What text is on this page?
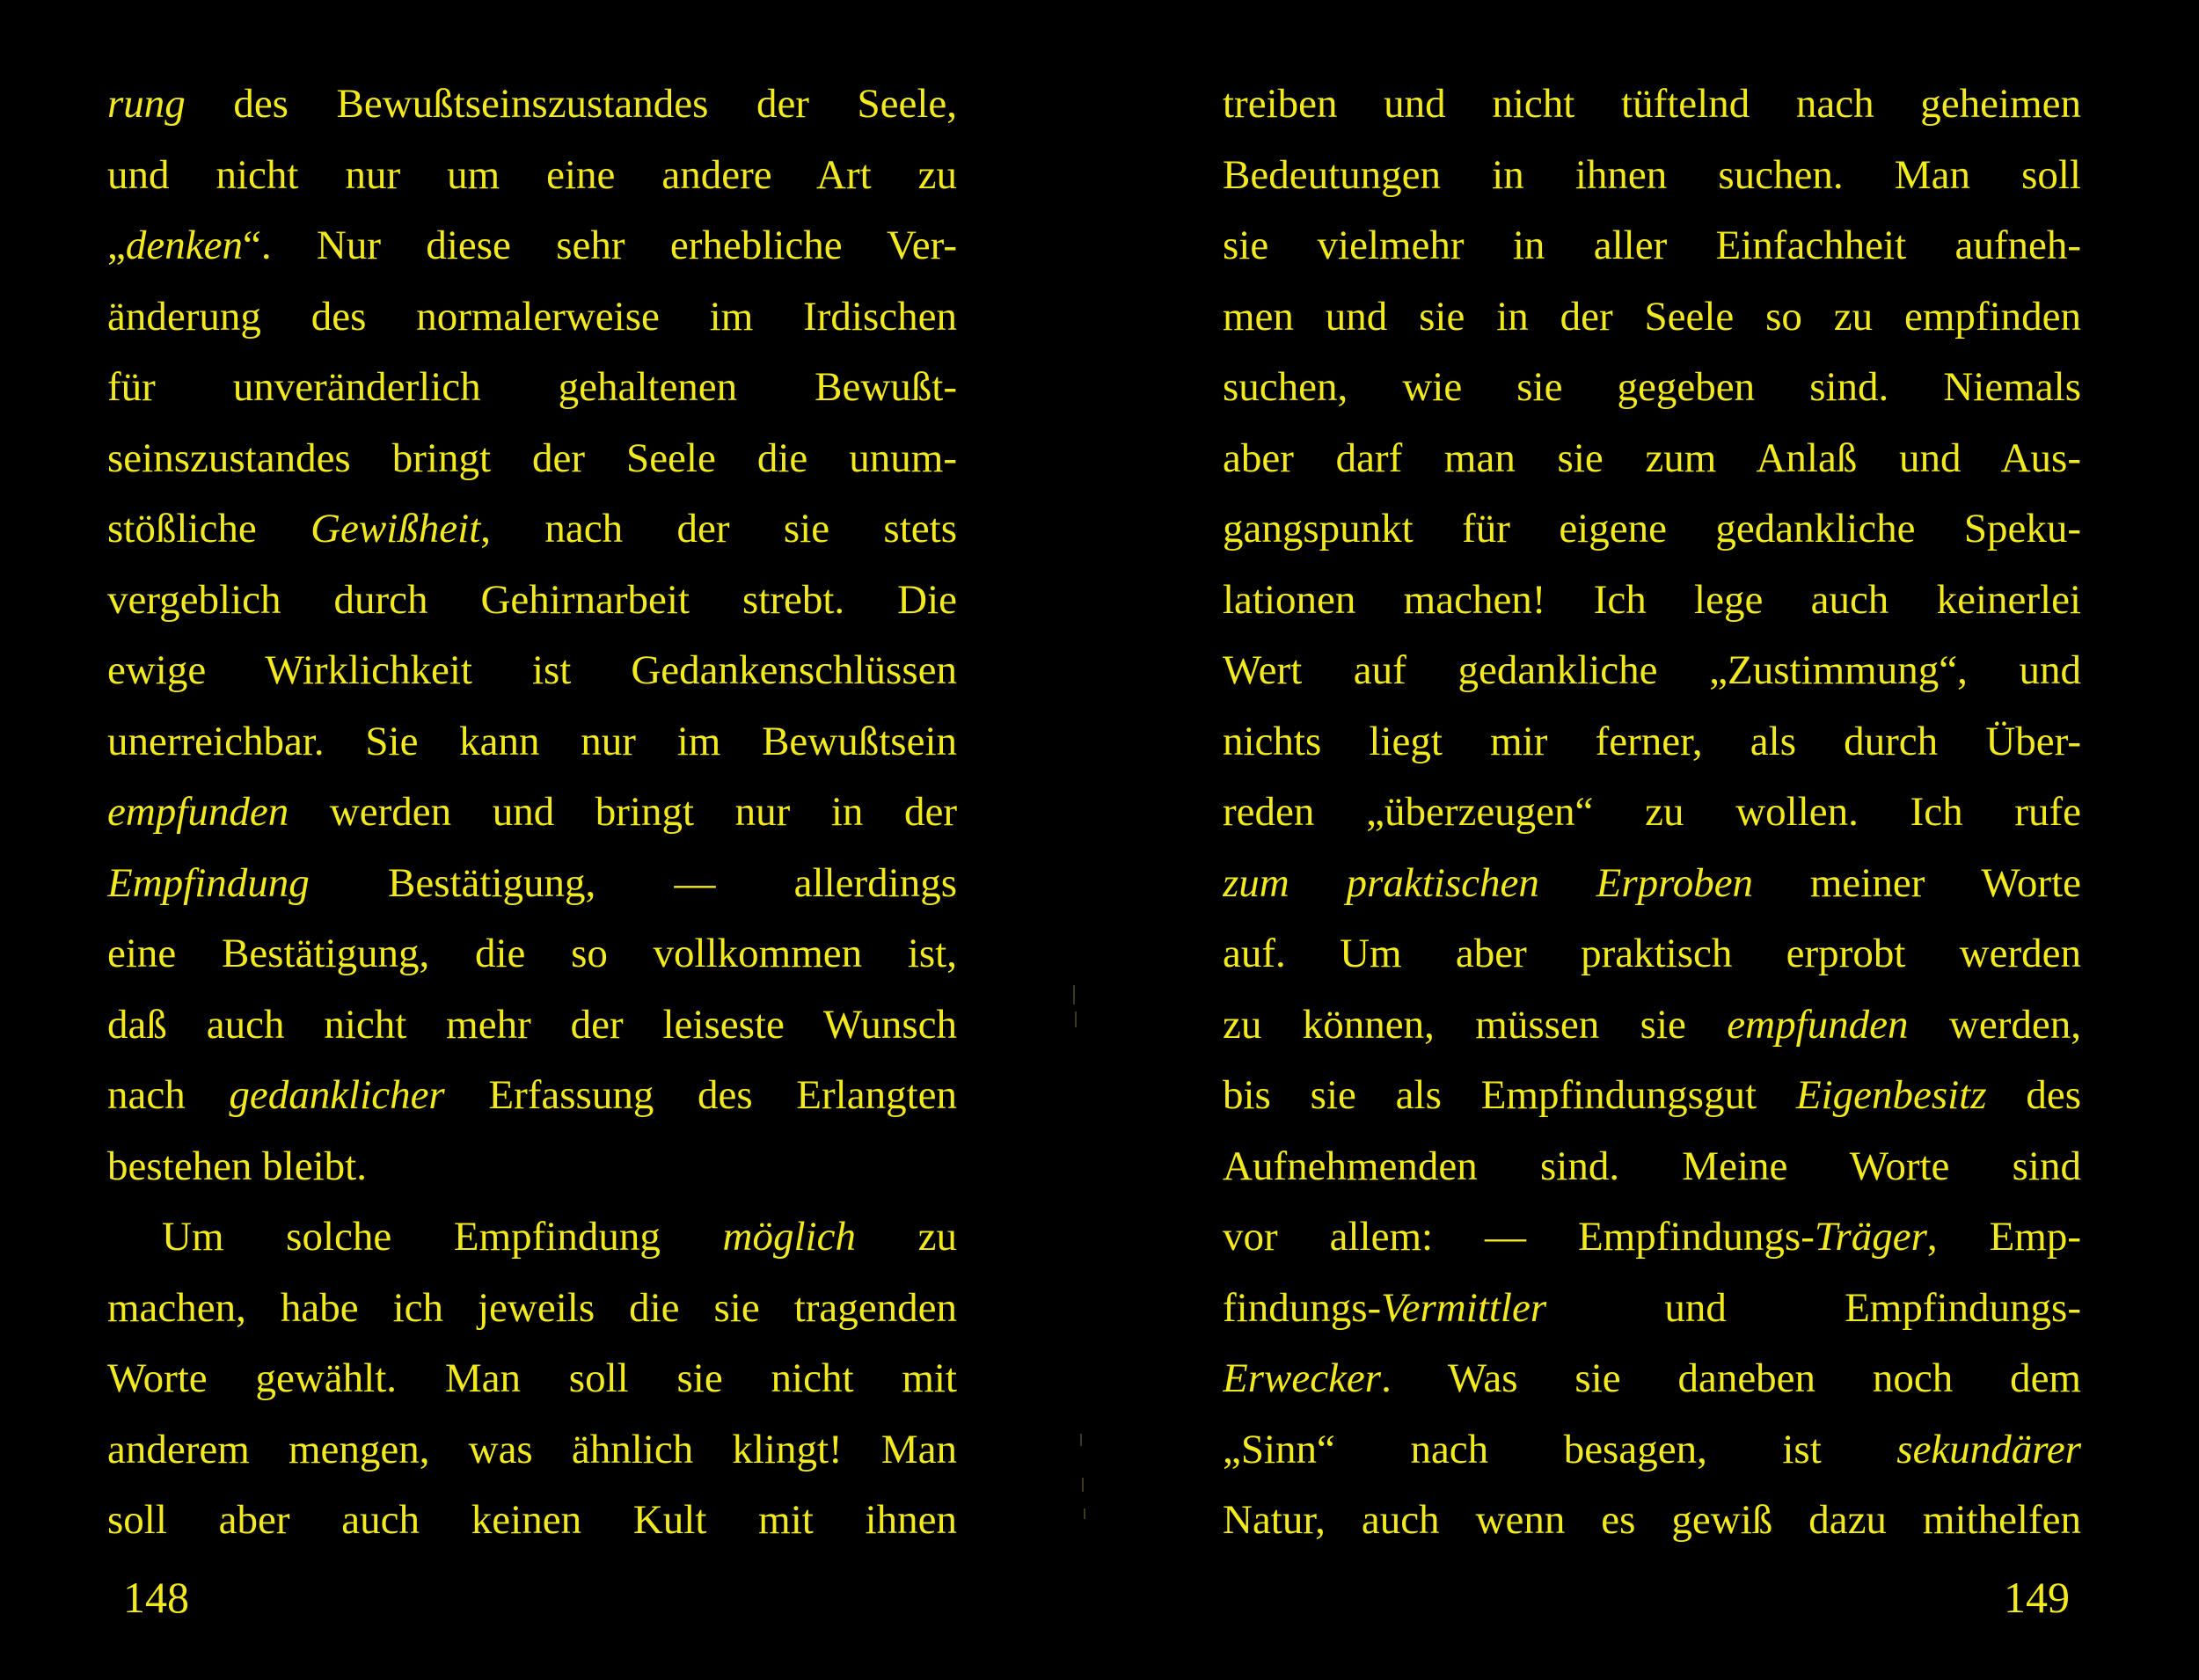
rung des Bewußtseinszustandes der Seele,
und nicht nur um eine andere Art zu
„denken“. Nur diese sehr erhebliche Ver-
änderung des normalerweise im Irdischen
für unveränderlich gehaltenen Bewußt-
seinszustandes bringt der Seele die unum-
stößliche Gewißheit, nach der sie stets
vergeblich durch Gehirnarbeit strebt. Die
ewige Wirklichkeit ist Gedankenschlüssen
unerreichbar. Sie kann nur im Bewußtsein
empfunden werden und bringt nur in der
Empfindung Bestätigung, — allerdings
eine Bestätigung, die so vollkommen ist,
daß auch nicht mehr der leiseste Wunsch
nach gedanklicher Erfassung des Erlangten
bestehen bleibt.
Um solche Empfindung möglich zu
machen, habe ich jeweils die sie tragenden
Worte gewählt. Man soll sie nicht mit
anderem mengen, was ähnlich klingt! Man
soll aber auch keinen Kult mit ihnen
148
treiben und nicht tüftelnd nach geheimen
Bedeutungen in ihnen suchen. Man soll
sie vielmehr in aller Einfachheit aufneh-
men und sie in der Seele so zu empfinden
suchen, wie sie gegeben sind. Niemals
aber darf man sie zum Anlaß und Aus-
gangspunkt für eigene gedankliche Speku-
lationen machen! Ich lege auch keinerlei
Wert auf gedankliche „Zustimmung“, und
nichts liegt mir ferner, als durch Über-
reden „überzeugen“ zu wollen. Ich rufe
zum praktischen Erproben meiner Worte
auf. Um aber praktisch erprobt werden
zu können, müssen sie empfunden werden,
bis sie als Empfindungsgut Eigenbesitz des
Aufnehmenden sind. Meine Worte sind
vor allem: — Empfindungs-Träger, Emp-
findungs-Vermittler und Empfindungs-
Erwecker. Was sie daneben noch dem
„Sinn“ nach besagen, ist sekundärer
Natur, auch wenn es gewiß dazu mithelfen
149
